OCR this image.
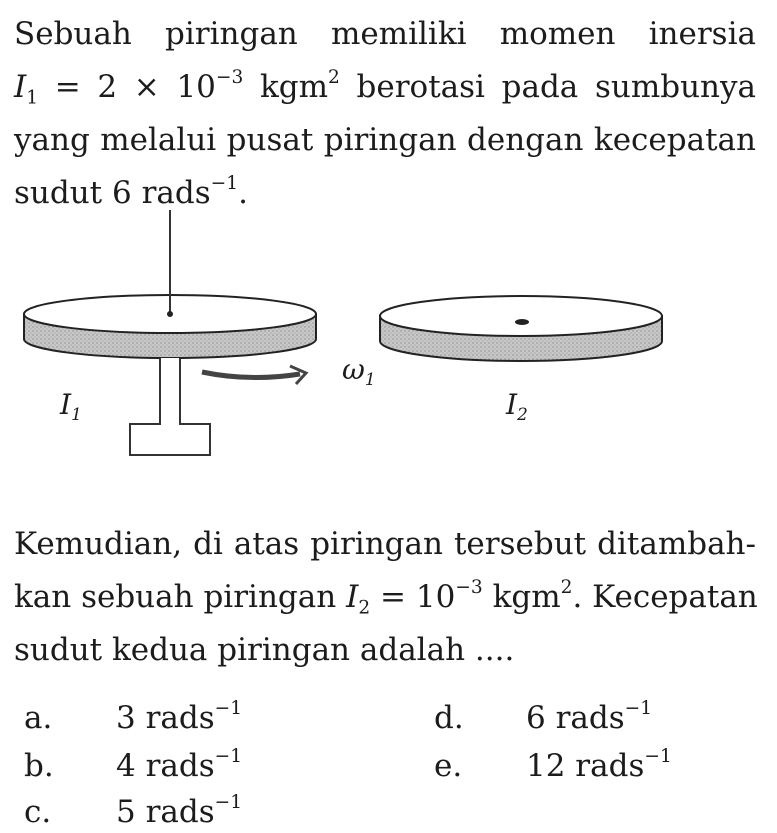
Sebuah piringan memiliki momen inersia
$I_1 = 2 \times 10^{-3}$ kgm$^2$ berotasi pada sumbunya
yang melalui pusat piringan dengan kecepatan
sudut 6 rads$^{-1}$.
$I_1$
$\omega_1$
$I_2$
Kemudian, di atas piringan tersebut ditambah-
kan sebuah piringan $I_2 = 10^{-3}$ kgm$^2$. Kecepatan
sudut kedua piringan adalah ....
a. 3 rads$^{-1}$
b. 4 rads$^{-1}$
c. 5 rads$^{-1}$
d. 6 rads$^{-1}$
e. 12 rads$^{-1}$
